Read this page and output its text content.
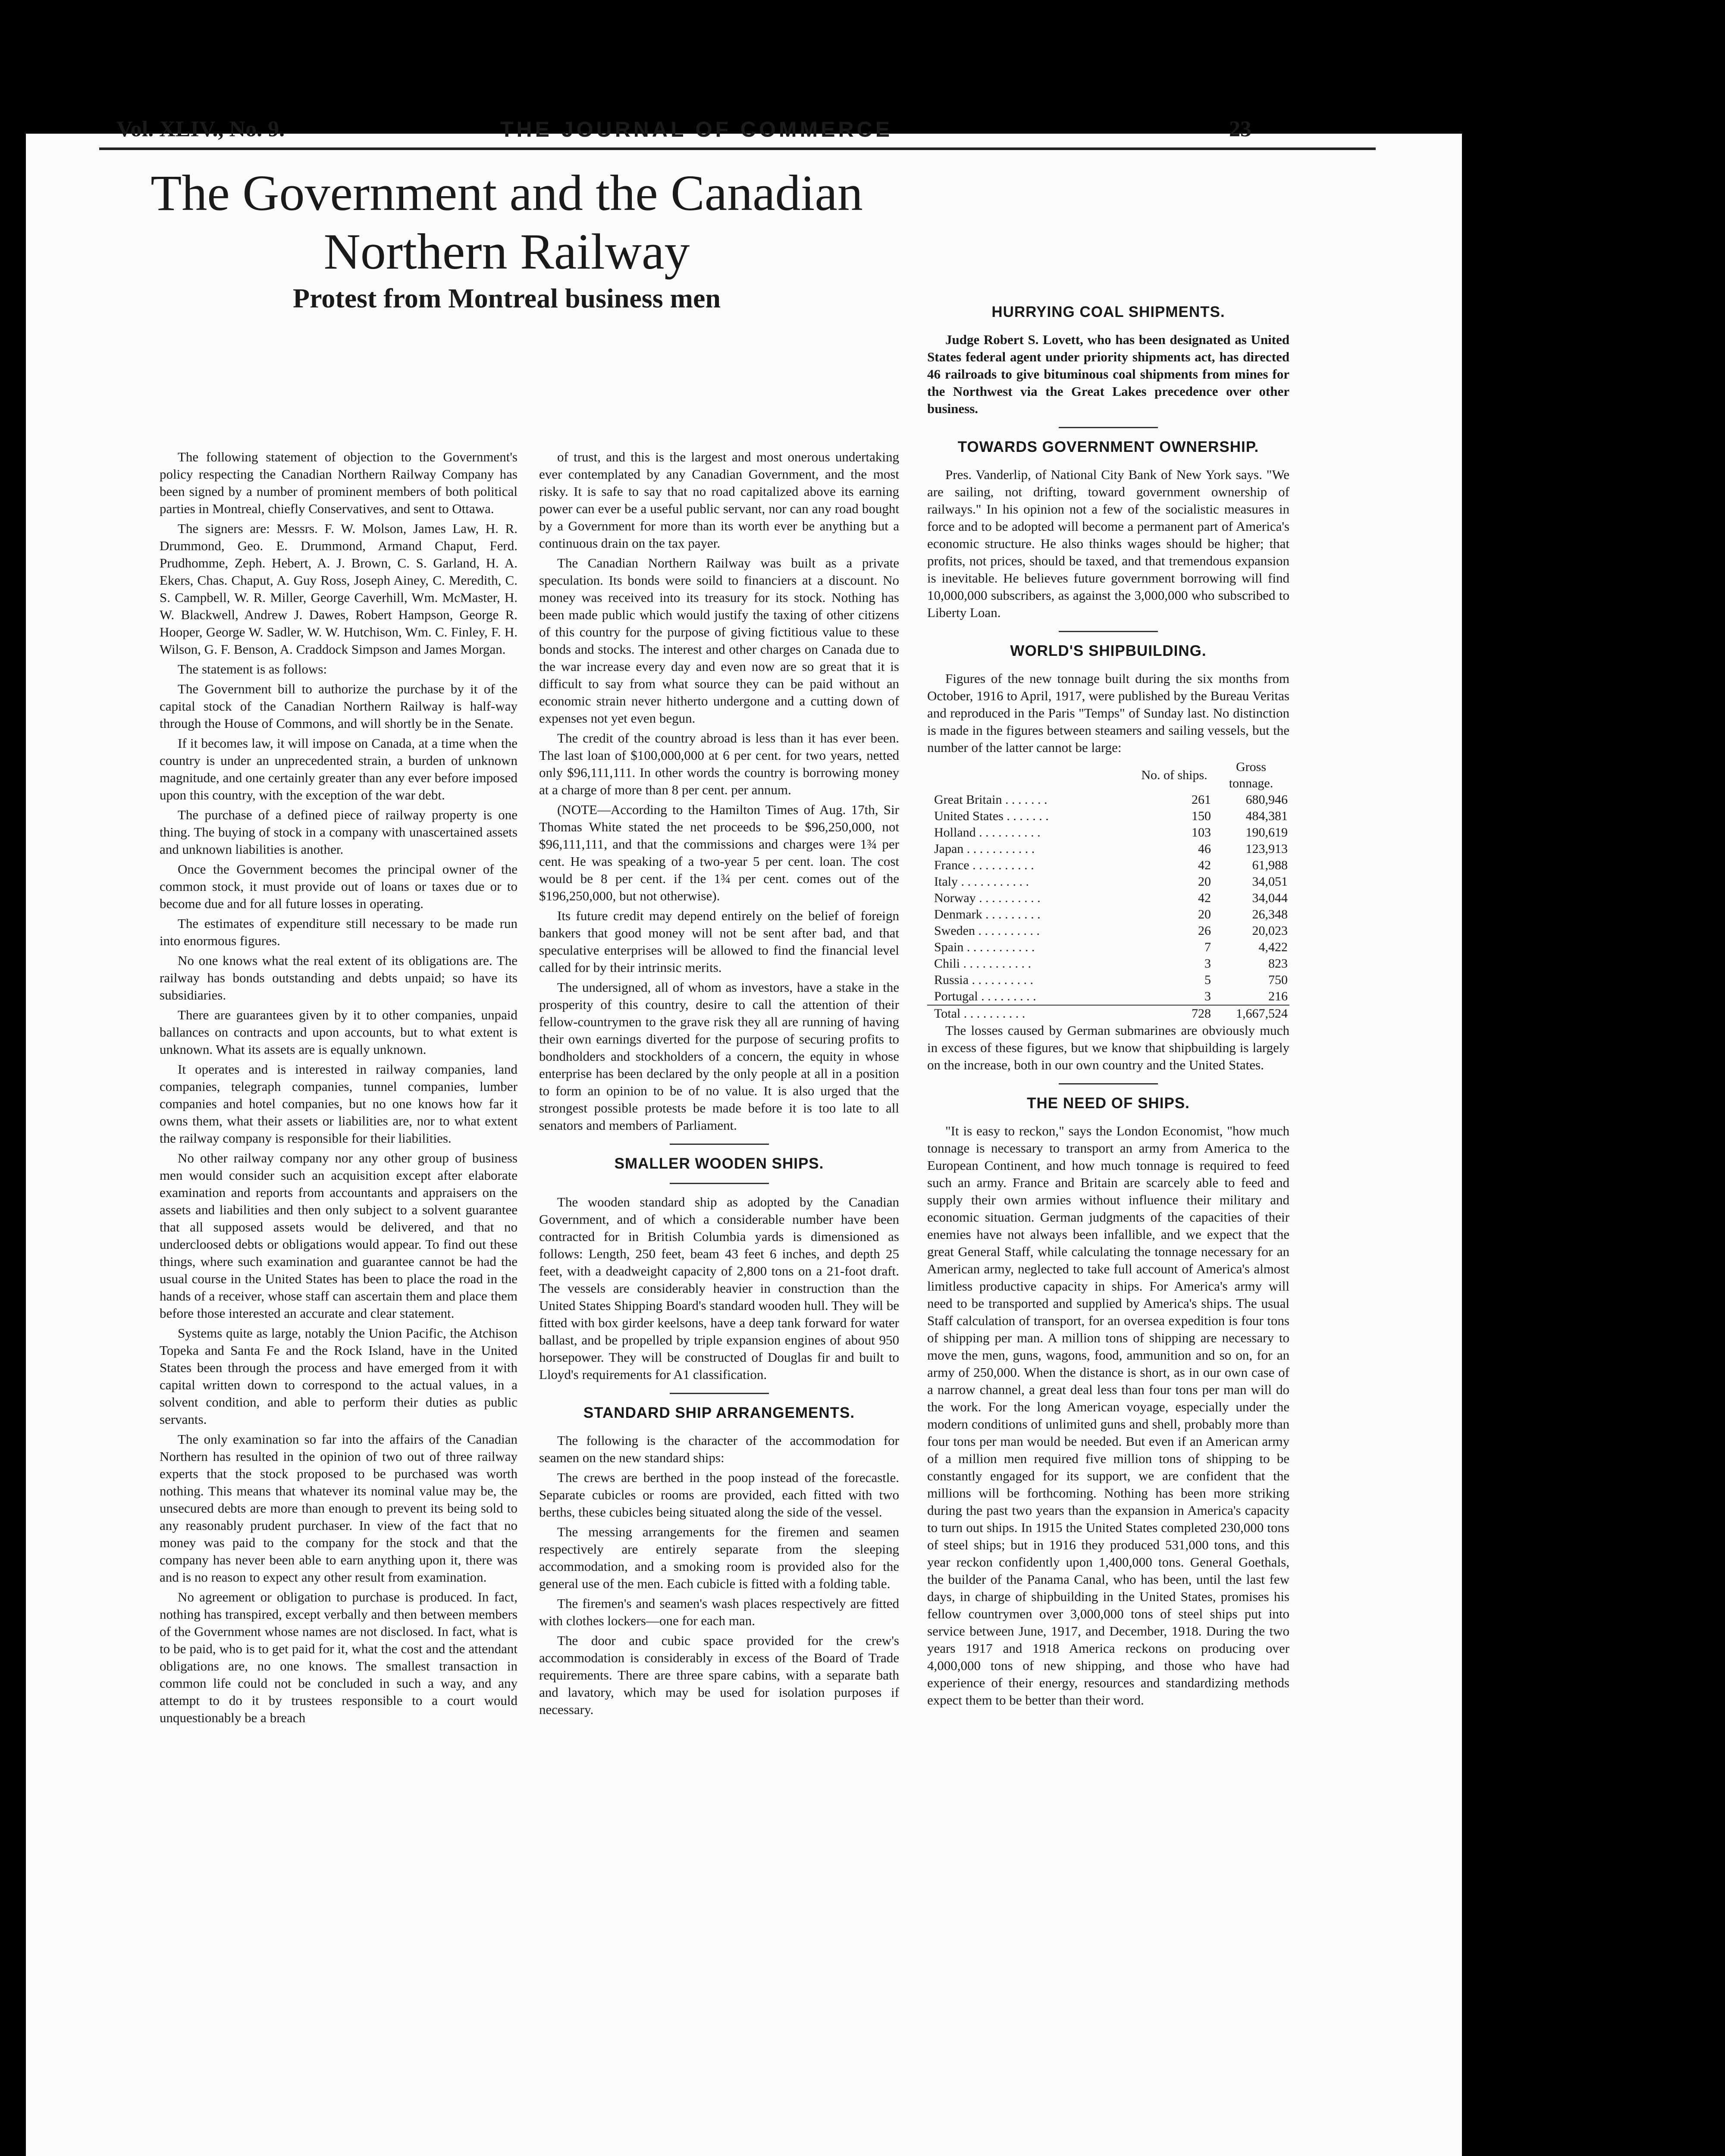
Vol. XLIV., No. 9.	THE JOURNAL OF COMMERCE	23
The Government and the Canadian Northern Railway
Protest from Montreal business men

The following statement of objection to the Government's policy respecting the Canadian Northern Railway Company has been signed by a number of prominent members of both political parties in Montreal, chiefly Conservatives, and sent to Ottawa.

The signers are: Messrs. F. W. Molson, James Law, H. R. Drummond, Geo. E. Drummond, Armand Chaput, Ferd. Prudhomme, Zeph. Hebert, A. J. Brown, C. S. Garland, H. A. Ekers, Chas. Chaput, A. Guy Ross, Joseph Ainey, C. Meredith, C. S. Campbell, W. R. Miller, George Caverhill, Wm. McMaster, H. W. Blackwell, Andrew J. Dawes, Robert Hampson, George R. Hooper, George W. Sadler, W. W. Hutchison, Wm. C. Finley, F. H. Wilson, G. F. Benson, A. Craddock Simpson and James Morgan.

The statement is as follows:

The Government bill to authorize the purchase by it of the capital stock of the Canadian Northern Railway is half-way through the House of Commons, and will shortly be in the Senate.

If it becomes law, it will impose on Canada, at a time when the country is under an unprecedented strain, a burden of unknown magnitude, and one certainly greater than any ever before imposed upon this country, with the exception of the war debt.

The purchase of a defined piece of railway property is one thing. The buying of stock in a company with unascertained assets and unknown liabilities is another.

Once the Government becomes the principal owner of the common stock, it must provide out of loans or taxes due or to become due and for all future losses in operating.

The estimates of expenditure still necessary to be made run into enormous figures.

No one knows what the real extent of its obligations are. The railway has bonds outstanding and debts unpaid; so have its subsidiaries.

There are guarantees given by it to other companies, unpaid ballances on contracts and upon accounts, but to what extent is unknown. What its assets are is equally unknown.

It operates and is interested in railway companies, land companies, telegraph companies, tunnel companies, lumber companies and hotel companies, but no one knows how far it owns them, what their assets or liabilities are, nor to what extent the railway company is responsible for their liabilities.

No other railway company nor any other group of business men would consider such an acquisition except after elaborate examination and reports from accountants and appraisers on the assets and liabilities and then only subject to a solvent guarantee that all supposed assets would be delivered, and that no undercloosed debts or obligations would appear. To find out these things, where such examination and guarantee cannot be had the usual course in the United States has been to place the road in the hands of a receiver, whose staff can ascertain them and place them before those interested an accurate and clear statement.

Systems quite as large, notably the Union Pacific, the Atchison Topeka and Santa Fe and the Rock Island, have in the United States been through the process and have emerged from it with capital written down to correspond to the actual values, in a solvent condition, and able to perform their duties as public servants.

The only examination so far into the affairs of the Canadian Northern has resulted in the opinion of two out of three railway experts that the stock proposed to be purchased was worth nothing. This means that whatever its nominal value may be, the unsecured debts are more than enough to prevent its being sold to any reasonably prudent purchaser. In view of the fact that no money was paid to the company for the stock and that the company has never been able to earn anything upon it, there was and is no reason to expect any other result from examination.

No agreement or obligation to purchase is produced. In fact, nothing has transpired, except verbally and then between members of the Government whose names are not disclosed. In fact, what is to be paid, who is to get paid for it, what the cost and the attendant obligations are, no one knows. The smallest transaction in common life could not be concluded in such a way, and any attempt to do it by trustees responsible to a court would unquestionably be a breach

of trust, and this is the largest and most onerous undertaking ever contemplated by any Canadian Government, and the most risky. It is safe to say that no road capitalized above its earning power can ever be a useful public servant, nor can any road bought by a Government for more than its worth ever be anything but a continuous drain on the tax payer.

The Canadian Northern Railway was built as a private speculation. Its bonds were soild to financiers at a discount. No money was received into its treasury for its stock. Nothing has been made public which would justify the taxing of other citizens of this country for the purpose of giving fictitious value to these bonds and stocks. The interest and other charges on Canada due to the war increase every day and even now are so great that it is difficult to say from what source they can be paid without an economic strain never hitherto undergone and a cutting down of expenses not yet even begun.

The credit of the country abroad is less than it has ever been. The last loan of $100,000,000 at 6 per cent. for two years, netted only $96,111,111. In other words the country is borrowing money at a charge of more than 8 per cent. per annum.

(NOTE—According to the Hamilton Times of Aug. 17th, Sir Thomas White stated the net proceeds to be $96,250,000, not $96,111,111, and that the commissions and charges were 1¾ per cent. He was speaking of a two-year 5 per cent. loan. The cost would be 8 per cent. if the 1¾ per cent. comes out of the $196,250,000, but not otherwise).

Its future credit may depend entirely on the belief of foreign bankers that good money will not be sent after bad, and that speculative enterprises will be allowed to find the financial level called for by their intrinsic merits.

The undersigned, all of whom as investors, have a stake in the prosperity of this country, desire to call the attention of their fellow-countrymen to the grave risk they all are running of having their own earnings diverted for the purpose of securing profits to bondholders and stockholders of a concern, the equity in whose enterprise has been declared by the only people at all in a position to form an opinion to be of no value. It is also urged that the strongest possible protests be made before it is too late to all senators and members of Parliament.

SMALLER WOODEN SHIPS.

The wooden standard ship as adopted by the Canadian Government, and of which a considerable number have been contracted for in British Columbia yards is dimensioned as follows: Length, 250 feet, beam 43 feet 6 inches, and depth 25 feet, with a deadweight capacity of 2,800 tons on a 21-foot draft. The vessels are considerably heavier in construction than the United States Shipping Board's standard wooden hull. They will be fitted with box girder keelsons, have a deep tank forward for water ballast, and be propelled by triple expansion engines of about 950 horsepower. They will be constructed of Douglas fir and built to Lloyd's requirements for A1 classification.

STANDARD SHIP ARRANGEMENTS.

The following is the character of the accommodation for seamen on the new standard ships:

The crews are berthed in the poop instead of the forecastle. Separate cubicles or rooms are provided, each fitted with two berths, these cubicles being situated along the side of the vessel.

The messing arrangements for the firemen and seamen respectively are entirely separate from the sleeping accommodation, and a smoking room is provided also for the general use of the men. Each cubicle is fitted with a folding table.

The firemen's and seamen's wash places respectively are fitted with clothes lockers—one for each man.

The door and cubic space provided for the crew's accommodation is considerably in excess of the Board of Trade requirements. There are three spare cabins, with a separate bath and lavatory, which may be used for isolation purposes if necessary.

HURRYING COAL SHIPMENTS.

Judge Robert S. Lovett, who has been designated as United States federal agent under priority shipments act, has directed 46 railroads to give bituminous coal shipments from mines for the Northwest via the Great Lakes precedence over other business.

TOWARDS GOVERNMENT OWNERSHIP.

Pres. Vanderlip, of National City Bank of New York says. "We are sailing, not drifting, toward government ownership of railways." In his opinion not a few of the socialistic measures in force and to be adopted will become a permanent part of America's economic structure. He also thinks wages should be higher; that profits, not prices, should be taxed, and that tremendous expansion is inevitable. He believes future government borrowing will find 10,000,000 subscribers, as against the 3,000,000 who subscribed to Liberty Loan.

WORLD'S SHIPBUILDING.

Figures of the new tonnage built during the six months from October, 1916 to April, 1917, were published by the Bureau Veritas and reproduced in the Paris "Temps" of Sunday last. No distinction is made in the figures between steamers and sailing vessels, but the number of the latter cannot be large:

	No. of ships.	Gross tonnage.
Great Britain . . . . . . .	261	680,946
United States . . . . . . .	150	484,381
Holland . . . . . . . . . .	103	190,619
Japan . . . . . . . . . . .	46	123,913
France . . . . . . . . . .	42	61,988
Italy . . . . . . . . . . .	20	34,051
Norway . . . . . . . . . .	42	34,044
Denmark . . . . . . . . .	20	26,348
Sweden . . . . . . . . . .	26	20,023
Spain . . . . . . . . . . .	7	4,422
Chili . . . . . . . . . . .	3	823
Russia . . . . . . . . . .	5	750
Portugal . . . . . . . . .	3	216
Total . . . . . . . . . .	728	1,667,524

The losses caused by German submarines are obviously much in excess of these figures, but we know that shipbuilding is largely on the increase, both in our own country and the United States.

THE NEED OF SHIPS.

"It is easy to reckon," says the London Economist, "how much tonnage is necessary to transport an army from America to the European Continent, and how much tonnage is required to feed such an army. France and Britain are scarcely able to feed and supply their own armies without influence their military and economic situation. German judgments of the capacities of their enemies have not always been infallible, and we expect that the great General Staff, while calculating the tonnage necessary for an American army, neglected to take full account of America's almost limitless productive capacity in ships. For America's army will need to be transported and supplied by America's ships. The usual Staff calculation of transport, for an oversea expedition is four tons of shipping per man. A million tons of shipping are necessary to move the men, guns, wagons, food, ammunition and so on, for an army of 250,000. When the distance is short, as in our own case of a narrow channel, a great deal less than four tons per man will do the work. For the long American voyage, especially under the modern conditions of unlimited guns and shell, probably more than four tons per man would be needed. But even if an American army of a million men required five million tons of shipping to be constantly engaged for its support, we are confident that the millions will be forthcoming. Nothing has been more striking during the past two years than the expansion in America's capacity to turn out ships. In 1915 the United States completed 230,000 tons of steel ships; but in 1916 they produced 531,000 tons, and this year reckon confidently upon 1,400,000 tons. General Goethals, the builder of the Panama Canal, who has been, until the last few days, in charge of shipbuilding in the United States, promises his fellow countrymen over 3,000,000 tons of steel ships put into service between June, 1917, and December, 1918. During the two years 1917 and 1918 America reckons on producing over 4,000,000 tons of new shipping, and those who have had experience of their energy, resources and standardizing methods expect them to be better than their word.
